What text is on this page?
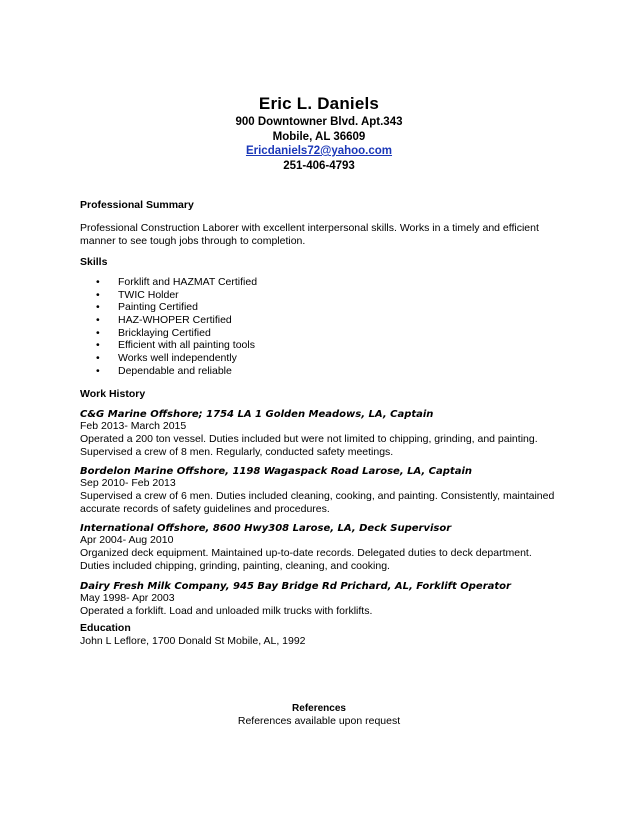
Eric L. Daniels
900 Downtowner Blvd. Apt.343
Mobile, AL 36609
Ericdaniels72@yahoo.com
251-406-4793
Professional Summary
Professional Construction Laborer with excellent interpersonal skills. Works in a timely and efficient manner to see tough jobs through to completion.
Skills
•	Forklift and HAZMAT Certified
•	TWIC Holder
•	Painting Certified
•	HAZ-WHOPER Certified
•	Bricklaying Certified
•	Efficient with all painting tools
•	Works well independently
•	Dependable and reliable
Work History
C&G Marine Offshore; 1754 LA 1 Golden Meadows, LA, Captain
Feb 2013- March 2015
Operated a 200 ton vessel. Duties included but were not limited to chipping, grinding, and painting. Supervised a crew of 8 men. Regularly, conducted safety meetings.
Bordelon Marine Offshore, 1198 Wagaspack Road Larose, LA, Captain
Sep 2010- Feb 2013
Supervised a crew of 6 men. Duties included cleaning, cooking, and painting. Consistently, maintained accurate records of safety guidelines and procedures.
International Offshore, 8600 Hwy308 Larose, LA, Deck Supervisor
Apr 2004- Aug 2010
Organized deck equipment. Maintained up-to-date records. Delegated duties to deck department. Duties included chipping, grinding, painting, cleaning, and cooking.
Dairy Fresh Milk Company, 945 Bay Bridge Rd Prichard, AL, Forklift Operator
May 1998- Apr 2003
Operated a forklift. Load and unloaded milk trucks with forklifts.
Education
John L Leflore, 1700 Donald St Mobile, AL, 1992
References
References available upon request
